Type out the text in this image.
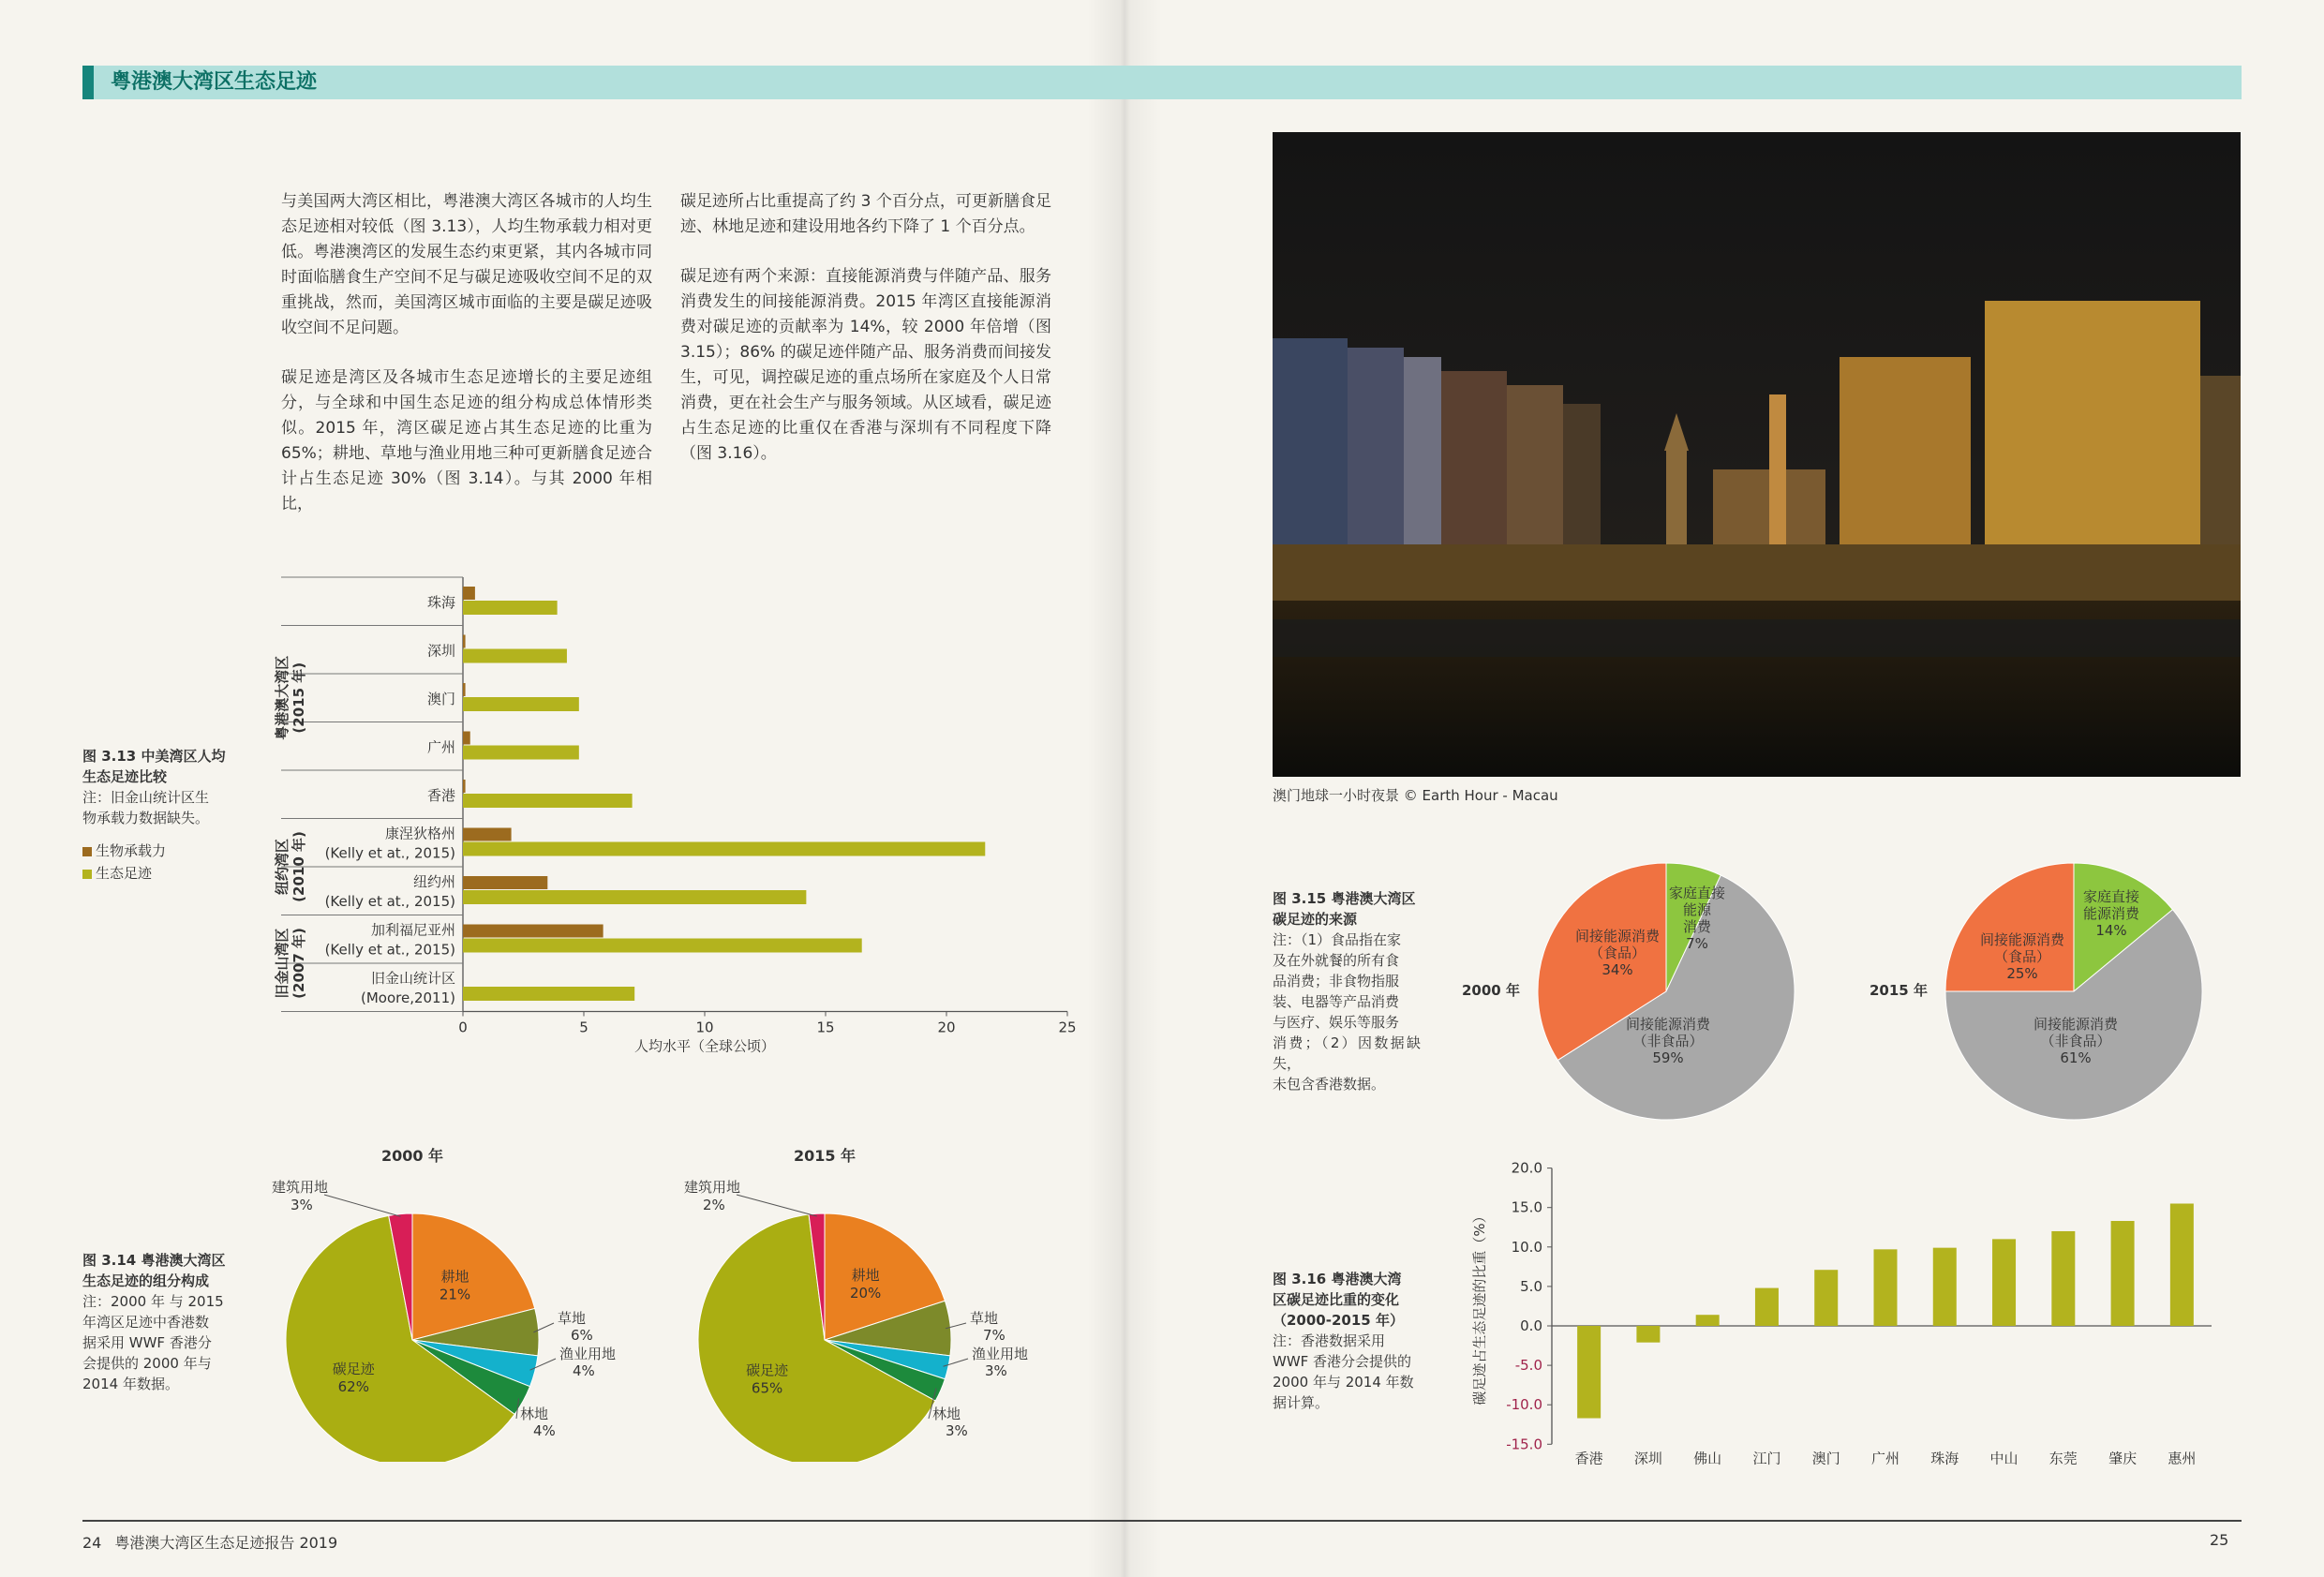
粤港澳大湾区生态足迹

与美国两大湾区相比，粤港澳大湾区各城市的人均生态足迹相对较低（图 3.13），人均生物承载力相对更低。粤港澳湾区的发展生态约束更紧，其内各城市同时面临膳食生产空间不足与碳足迹吸收空间不足的双重挑战，然而，美国湾区城市面临的主要是碳足迹吸收空间不足问题。

碳足迹是湾区及各城市生态足迹增长的主要足迹组分，与全球和中国生态足迹的组分构成总体情形类似。2015 年，湾区碳足迹占其生态足迹的比重为 65%；耕地、草地与渔业用地三种可更新膳食足迹合计占生态足迹 30%（图 3.14）。与其 2000 年相比，

碳足迹所占比重提高了约 3 个百分点，可更新膳食足迹、林地足迹和建设用地各约下降了 1 个百分点。

碳足迹有两个来源：直接能源消费与伴随产品、服务消费发生的间接能源消费。2015 年湾区直接能源消费对碳足迹的贡献率为 14%，较 2000 年倍增（图 3.15）；86% 的碳足迹伴随产品、服务消费而间接发生，可见，调控碳足迹的重点场所在家庭及个人日常消费，更在社会生产与服务领域。从区域看，碳足迹占生态足迹的比重仅在香港与深圳有不同程度下降（图 3.16）。

图 3.13 中美湾区人均
生态足迹比较
注：旧金山统计区生
物承载力数据缺失。
生物承载力
生态足迹
珠海
深圳
澳门
广州
香港
康涅狄格州
(Kelly et at., 2015)
纽约州
(Kelly et at., 2015)
加利福尼亚州
(Kelly et at., 2015)
旧金山统计区
(Moore,2011)
粤港澳大湾区(2015 年)
纽约湾区(2010 年)
旧金山湾区(2007 年)
0	5	10	15	20	25
人均水平（全球公顷）
图 3.14 粤港澳大湾区
生态足迹的组分构成
注：2000 年 与 2015
年湾区足迹中香港数
据采用 WWF 香港分
会提供的 2000 年与
2014 年数据。
2000 年
耕地
21%
碳足迹
62%
草地
6%
渔业用地
4%
林地
4%
建筑用地
3%
2015 年
耕地
20%
碳足迹
65%
草地
7%
渔业用地
3%
林地
3%
建筑用地
2%
澳门地球一小时夜景 © Earth Hour - Macau
图 3.15 粤港澳大湾区
碳足迹的来源
注：（1）食品指在家
及在外就餐的所有食
品消费；非食物指服
装、电器等产品消费
与医疗、娱乐等服务
消费；（2）因数据缺失，
未包含香港数据。
2000 年
家庭直接
能源
消费
7%
间接能源消费
（非食品）
59%
间接能源消费
（食品）
34%
2015 年
家庭直接
能源消费
14%
间接能源消费
（非食品）
61%
间接能源消费
（食品）
25%
图 3.16 粤港澳大湾
区碳足迹比重的变化
（2000-2015 年）
注：香港数据采用
WWF 香港分会提供的
2000 年与 2014 年数
据计算。
20.0
15.0
10.0
5.0
0.0
-5.0
-10.0
-15.0
香港 深圳 佛山 江门 澳门 广州 珠海 中山 东莞 肇庆 惠州
碳足迹占生态足迹的比重（%）
24 粤港澳大湾区生态足迹报告 2019	25
